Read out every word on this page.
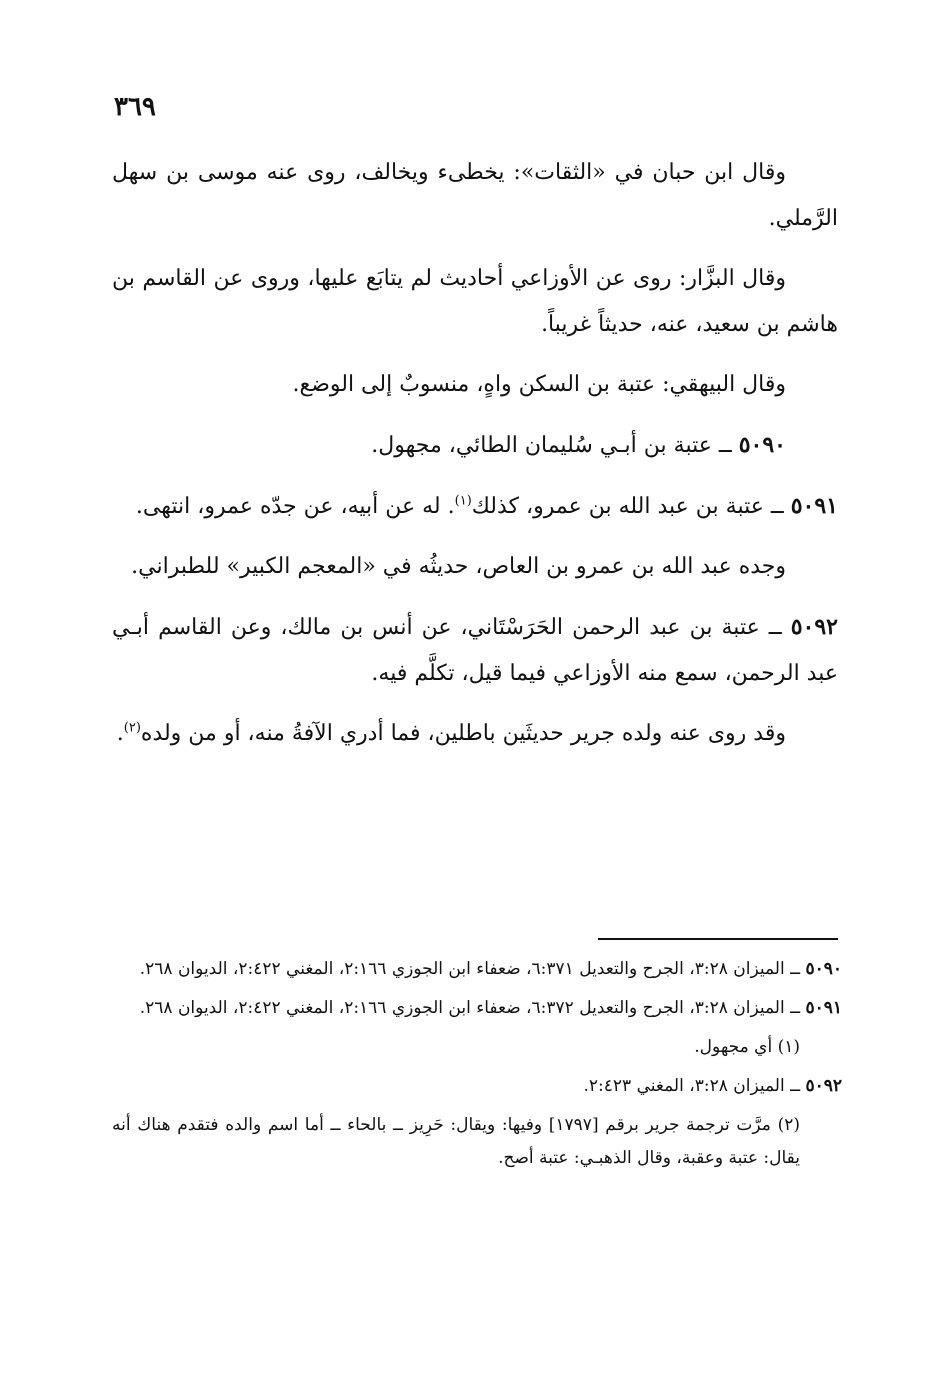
٣٦٩

وقال ابن حبان في «الثقات»: يخطىء ويخالف، روى عنه موسى بن سهل الرَّملي.

وقال البزَّار: روى عن الأوزاعي أحاديث لم يتابَع عليها، وروى عن القاسم بن هاشم بن سعيد، عنه، حديثاً غريباً.

وقال البيهقي: عتبة بن السكن واهٍ، منسوبٌ إلى الوضع.

٥٠٩٠ ــ عتبة بن أبـي سُليمان الطائي، مجهول.

٥٠٩١ ــ عتبة بن عبد الله بن عمرو، كذلك$^{(١)}$. له عن أبيه، عن جدّه عمرو، انتهى.

وجده عبد الله بن عمرو بن العاص، حديثُه في «المعجم الكبير» للطبراني.

٥٠٩٢ ــ عتبة بن عبد الرحمن الحَرَسْتَاني، عن أنس بن مالك، وعن القاسم أبـي عبد الرحمن، سمع منه الأوزاعي فيما قيل، تكلَّم فيه.

وقد روى عنه ولده جرير حديثَين باطلين، فما أدري الآفةُ منه، أو من ولده$^{(٢)}$.

٥٠٩٠ ــ الميزان ٣:٢٨، الجرح والتعديل ٦:٣٧١، ضعفاء ابن الجوزي ٢:١٦٦، المغني ٢:٤٢٢، الديوان ٢٦٨.

٥٠٩١ ــ الميزان ٣:٢٨، الجرح والتعديل ٦:٣٧٢، ضعفاء ابن الجوزي ٢:١٦٦، المغني ٢:٤٢٢، الديوان ٢٦٨.

(١) أي مجهول.

٥٠٩٢ ــ الميزان ٣:٢٨، المغني ٢:٤٢٣.

(٢) مرَّت ترجمة جرير برقم [١٧٩٧] وفيها: ويقال: حَرِيز ــ بالحاء ــ أما اسم والده فتقدم هناك أنه يقال: عتبة وعقبة، وقال الذهبـي: عتبة أصح.
